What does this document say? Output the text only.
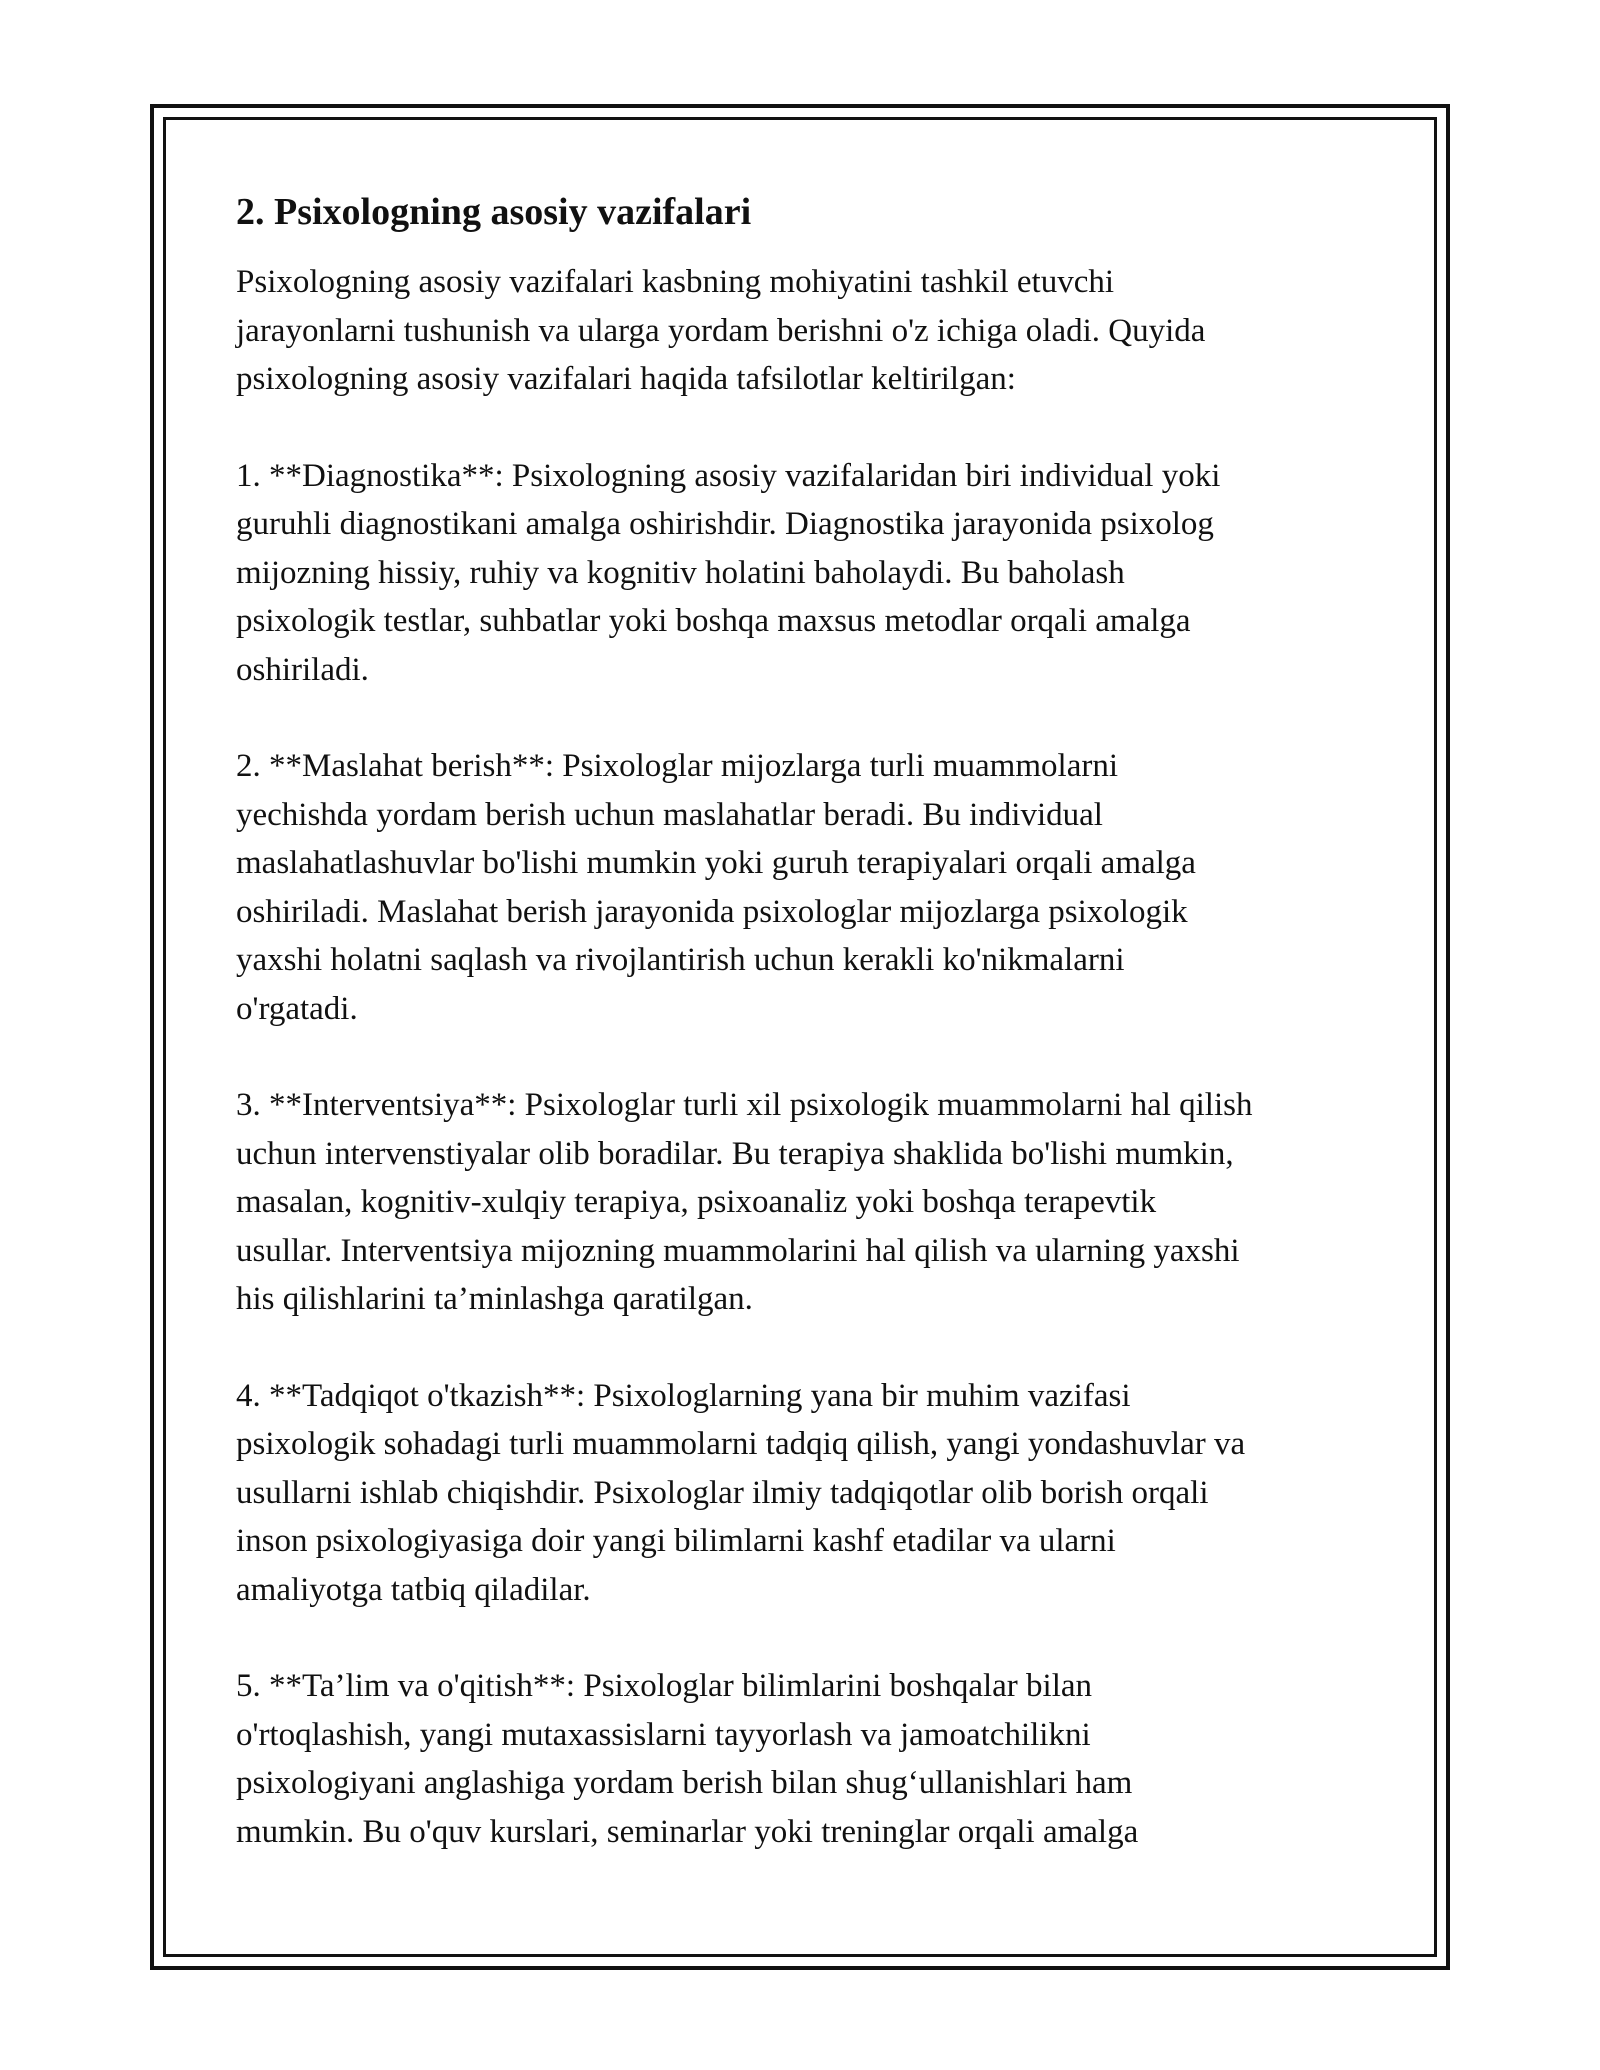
2. Psixologning asosiy vazifalari

Psixologning asosiy vazifalari kasbning mohiyatini tashkil etuvchi
jarayonlarni tushunish va ularga yordam berishni o'z ichiga oladi. Quyida
psixologning asosiy vazifalari haqida tafsilotlar keltirilgan:

1. **Diagnostika**: Psixologning asosiy vazifalaridan biri individual yoki
guruhli diagnostikani amalga oshirishdir. Diagnostika jarayonida psixolog
mijozning hissiy, ruhiy va kognitiv holatini baholaydi. Bu baholash
psixologik testlar, suhbatlar yoki boshqa maxsus metodlar orqali amalga
oshiriladi.

2. **Maslahat berish**: Psixologlar mijozlarga turli muammolarni
yechishda yordam berish uchun maslahatlar beradi. Bu individual
maslahatlashuvlar bo'lishi mumkin yoki guruh terapiyalari orqali amalga
oshiriladi. Maslahat berish jarayonida psixologlar mijozlarga psixologik
yaxshi holatni saqlash va rivojlantirish uchun kerakli ko'nikmalarni
o'rgatadi.

3. **Interventsiya**: Psixologlar turli xil psixologik muammolarni hal qilish
uchun intervenstiyalar olib boradilar. Bu terapiya shaklida bo'lishi mumkin,
masalan, kognitiv-xulqiy terapiya, psixoanaliz yoki boshqa terapevtik
usullar. Interventsiya mijozning muammolarini hal qilish va ularning yaxshi
his qilishlarini ta’minlashga qaratilgan.

4. **Tadqiqot o'tkazish**: Psixologlarning yana bir muhim vazifasi
psixologik sohadagi turli muammolarni tadqiq qilish, yangi yondashuvlar va
usullarni ishlab chiqishdir. Psixologlar ilmiy tadqiqotlar olib borish orqali
inson psixologiyasiga doir yangi bilimlarni kashf etadilar va ularni
amaliyotga tatbiq qiladilar.

5. **Ta’lim va o'qitish**: Psixologlar bilimlarini boshqalar bilan
o'rtoqlashish, yangi mutaxassislarni tayyorlash va jamoatchilikni
psixologiyani anglashiga yordam berish bilan shug‘ullanishlari ham
mumkin. Bu o'quv kurslari, seminarlar yoki treninglar orqali amalga
